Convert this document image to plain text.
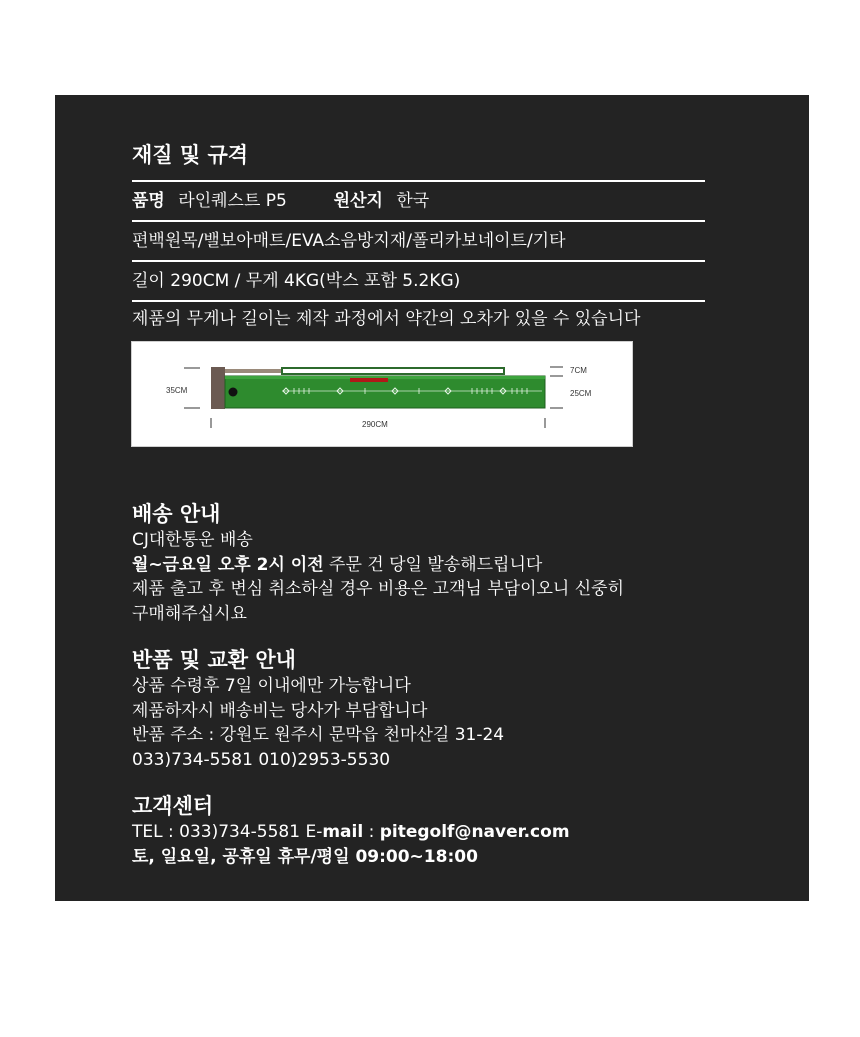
재질 및 규격
품명 라인퀘스트 P5	원산지 한국
편백원목/밸보아매트/EVA소음방지재/폴리카보네이트/기타
길이 290CM / 무게 4KG(박스 포함 5.2KG)
제품의 무게나 길이는 제작 과정에서 약간의 오차가 있을 수 있습니다
35CM
7CM
25CM
290CM
배송 안내
CJ대한통운 배송
월~금요일 오후 2시 이전 주문 건 당일 발송해드립니다
제품 출고 후 변심 취소하실 경우 비용은 고객님 부담이오니 신중히
구매해주십시요
반품 및 교환 안내
상품 수령후 7일 이내에만 가능합니다
제품하자시 배송비는 당사가 부담합니다
반품 주소 : 강원도 원주시 문막읍 천마산길 31-24
033)734-5581 010)2953-5530
고객센터
TEL : 033)734-5581 E-mail : pitegolf@naver.com
토, 일요일, 공휴일 휴무/평일 09:00~18:00
